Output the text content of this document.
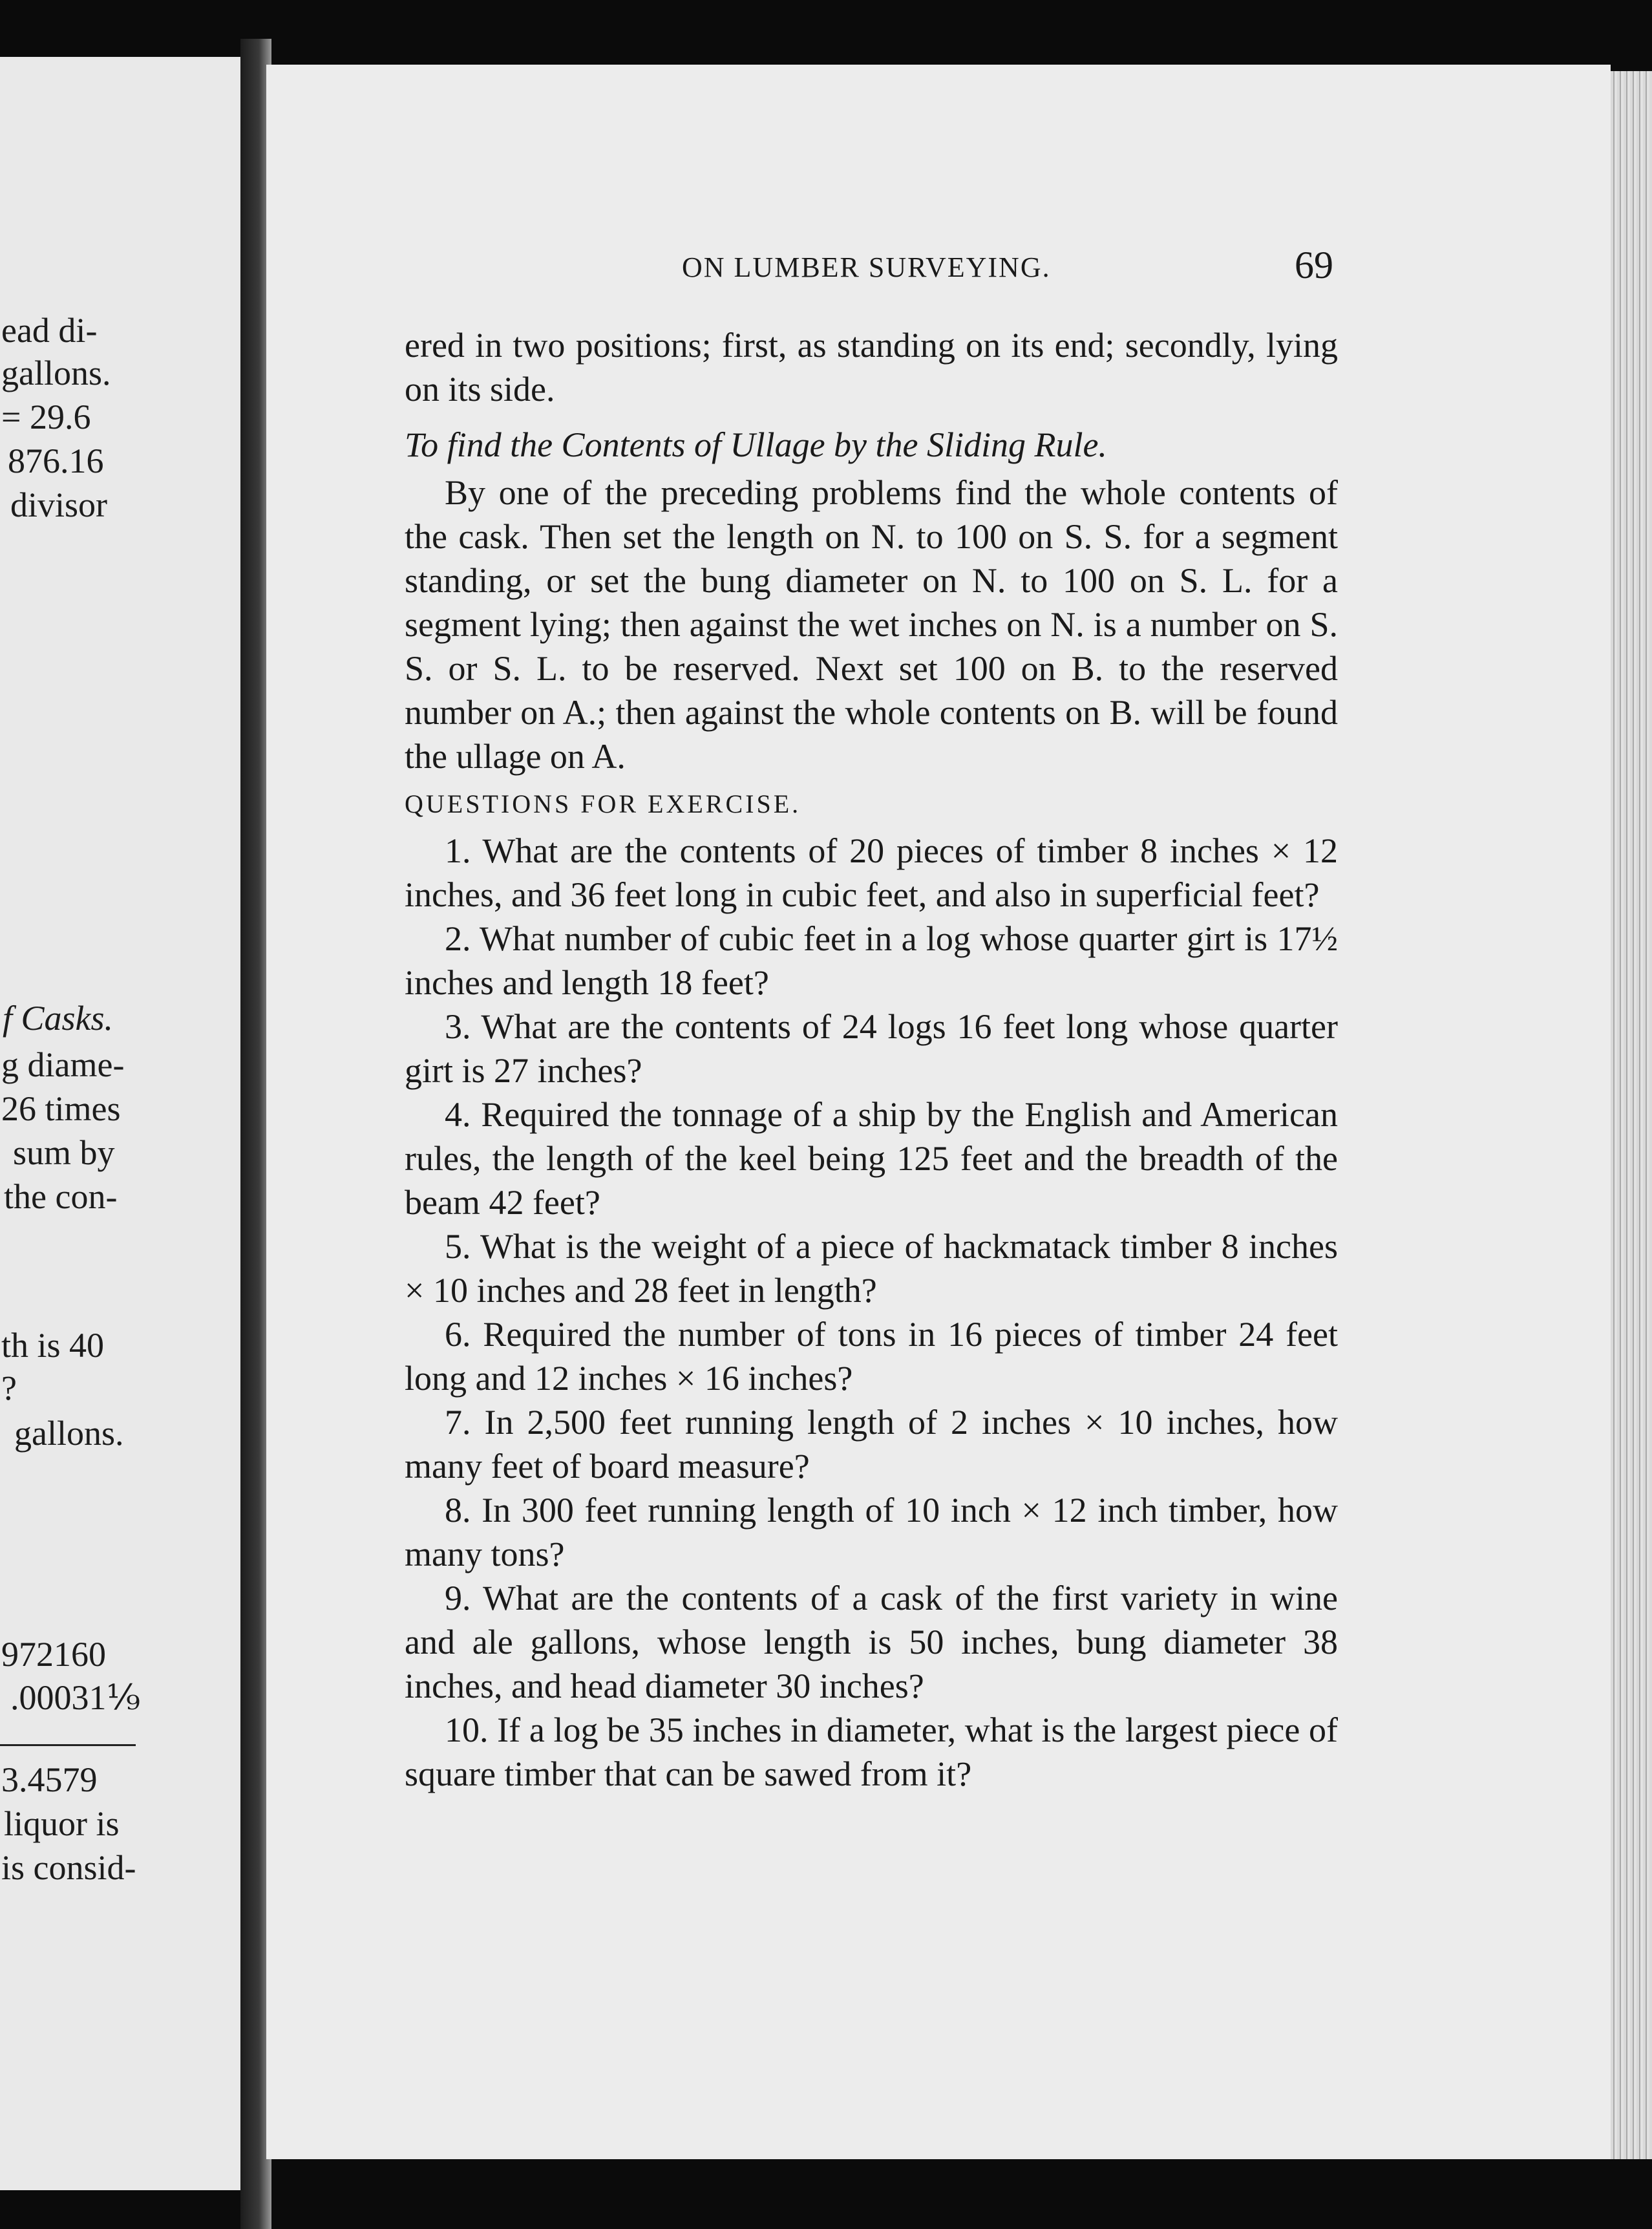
ead di-
gallons.
= 29.6
876.16
divisor
f Casks.
g diame-
26 times
sum by
the con-
th is 40
?
gallons.
972160
.00031⅑
3.4579
liquor is
is consid-
ON LUMBER SURVEYING.	69

ered in two positions; first, as standing on its end; secondly, lying on its side.

To find the Contents of Ullage by the Sliding Rule.

By one of the preceding problems find the whole contents of the cask. Then set the length on N. to 100 on S. S. for a segment standing, or set the bung diameter on N. to 100 on S. L. for a segment lying; then against the wet inches on N. is a number on S. S. or S. L. to be reserved. Next set 100 on B. to the reserved number on A.; then against the whole contents on B. will be found the ullage on A.

QUESTIONS FOR EXERCISE.

1. What are the contents of 20 pieces of timber 8 inches × 12 inches, and 36 feet long in cubic feet, and also in superficial feet?

2. What number of cubic feet in a log whose quarter girt is 17½ inches and length 18 feet?

3. What are the contents of 24 logs 16 feet long whose quarter girt is 27 inches?

4. Required the tonnage of a ship by the English and American rules, the length of the keel being 125 feet and the breadth of the beam 42 feet?

5. What is the weight of a piece of hackmatack timber 8 inches × 10 inches and 28 feet in length?

6. Required the number of tons in 16 pieces of timber 24 feet long and 12 inches × 16 inches?

7. In 2,500 feet running length of 2 inches × 10 inches, how many feet of board measure?

8. In 300 feet running length of 10 inch × 12 inch timber, how many tons?

9. What are the contents of a cask of the first variety in wine and ale gallons, whose length is 50 inches, bung diameter 38 inches, and head diameter 30 inches?

10. If a log be 35 inches in diameter, what is the largest piece of square timber that can be sawed from it?
